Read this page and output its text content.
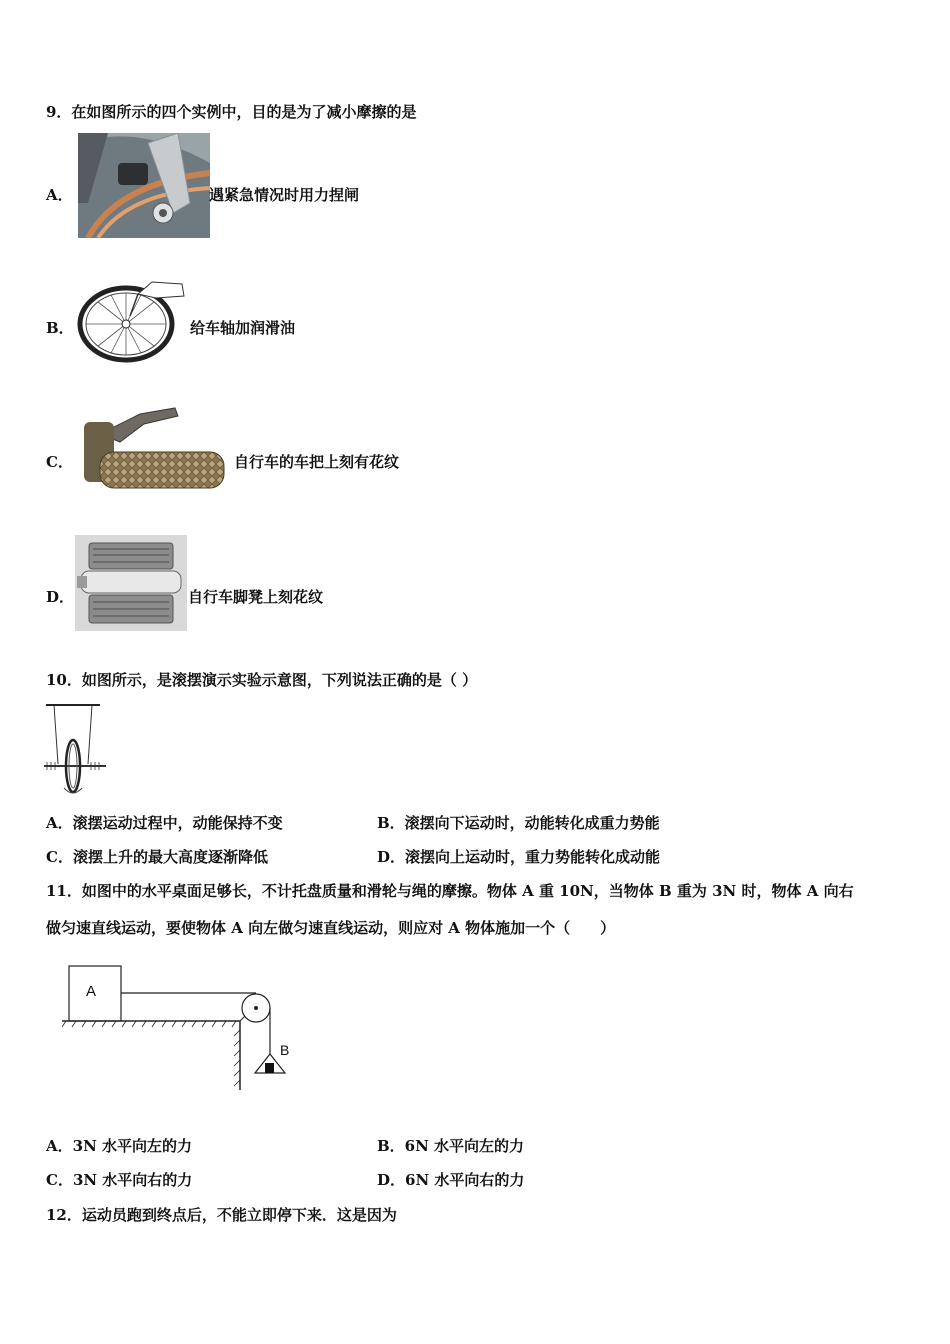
9．在如图所示的四个实例中，目的是为了减小摩擦的是
A．	遇紧急情况时用力捏闸
B．	给车轴加润滑油
C．	自行车的车把上刻有花纹
D．	自行车脚凳上刻花纹
10．如图所示，是滚摆演示实验示意图，下列说法正确的是（ ）
A．滚摆运动过程中，动能保持不变	B．滚摆向下运动时，动能转化成重力势能
C．滚摆上升的最大高度逐渐降低	D．滚摆向上运动时，重力势能转化成动能
11．如图中的水平桌面足够长，不计托盘质量和滑轮与绳的摩擦。物体 A 重 10N，当物体 B 重为 3N 时，物体 A 向右
做匀速直线运动，要使物体 A 向左做匀速直线运动，则应对 A 物体施加一个（　　）
A
B
A．3N 水平向左的力	B．6N 水平向左的力
C．3N 水平向右的力	D．6N 水平向右的力
12．运动员跑到终点后，不能立即停下来．这是因为
